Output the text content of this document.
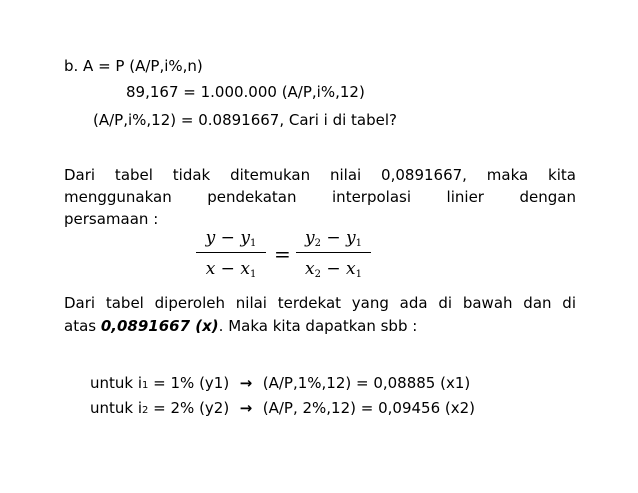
b. A = P (A/P,i%,n)
89,167 = 1.000.000 (A/P,i%,12)
(A/P,i%,12) = 0.0891667, Cari i di tabel?
Dari tabel tidak ditemukan nilai 0,0891667, maka kita
menggunakan pendekatan interpolasi linier dengan
persamaan :
$y - y_1$
$x - x_1$
=
$y_2 - y_1$
$x_2 - x_1$
Dari tabel diperoleh nilai terdekat yang ada di bawah dan di
atas 0,0891667 (x). Maka kita dapatkan sbb :
untuk i1 = 1% (y1) → (A/P,1%,12) = 0,08885 (x1)
untuk i2 = 2% (y2) → (A/P, 2%,12) = 0,09456 (x2)
